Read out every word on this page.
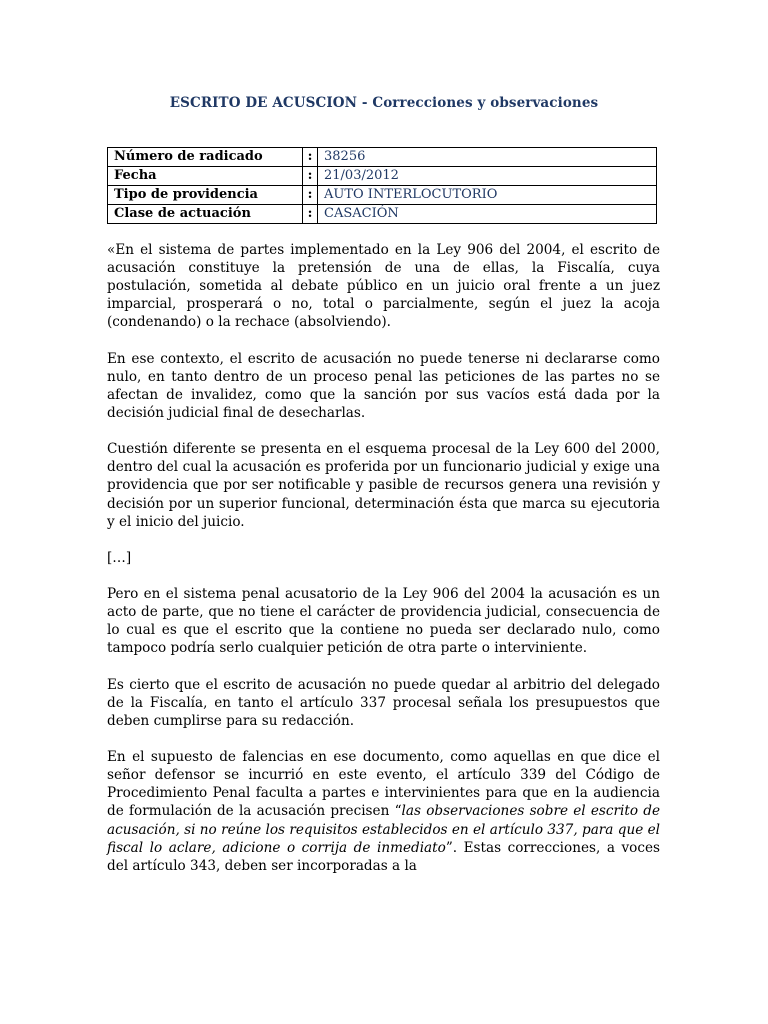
ESCRITO DE ACUSCION - Correcciones y observaciones
Número de radicado	:	38256
Fecha	:	21/03/2012
Tipo de providencia	:	AUTO INTERLOCUTORIO
Clase de actuación	:	CASACIÓN

«En el sistema de partes implementado en la Ley 906 del 2004, el escrito de acusación constituye la pretensión de una de ellas, la Fiscalía, cuya postulación, sometida al debate público en un juicio oral frente a un juez imparcial, prosperará o no, total o parcialmente, según el juez la acoja (condenando) o la rechace (absolviendo).

En ese contexto, el escrito de acusación no puede tenerse ni declararse como nulo, en tanto dentro de un proceso penal las peticiones de las partes no se afectan de invalidez, como que la sanción por sus vacíos está dada por la decisión judicial final de desecharlas.

Cuestión diferente se presenta en el esquema procesal de la Ley 600 del 2000, dentro del cual la acusación es proferida por un funcionario judicial y exige una providencia que por ser notificable y pasible de recursos genera una revisión y decisión por un superior funcional, determinación ésta que marca su ejecutoria y el inicio del juicio.

[…]

Pero en el sistema penal acusatorio de la Ley 906 del 2004 la acusación es un acto de parte, que no tiene el carácter de providencia judicial, consecuencia de lo cual es que el escrito que la contiene no pueda ser declarado nulo, como tampoco podría serlo cualquier petición de otra parte o interviniente.

Es cierto que el escrito de acusación no puede quedar al arbitrio del delegado de la Fiscalía, en tanto el artículo 337 procesal señala los presupuestos que deben cumplirse para su redacción.

En el supuesto de falencias en ese documento, como aquellas en que dice el señor defensor se incurrió en este evento, el artículo 339 del Código de Procedimiento Penal faculta a partes e intervinientes para que en la audiencia de formulación de la acusación precisen “las observaciones sobre el escrito de acusación, si no reúne los requisitos establecidos en el artículo 337, para que el fiscal lo aclare, adicione o corrija de inmediato”. Estas correcciones, a voces del artículo 343, deben ser incorporadas a la
